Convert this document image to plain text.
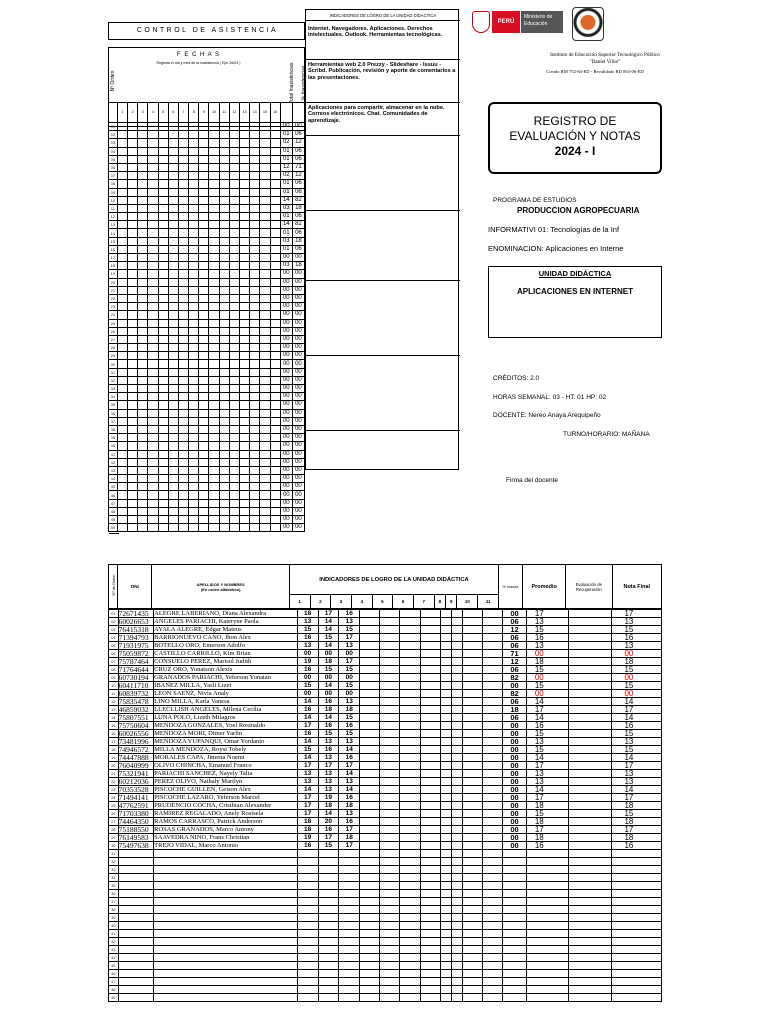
CONTROL DE ASISTENCIA
Nº Orden
F E C H A S
Registra el día y mes de la inasistencia ( Ejm 26/03 )	Total Inasistencias % Inasistencias
	1	2	3	4	5	6	7	8	9	10	11	12	13	14	15	16		
01																	00	00
02						·											01	06
03								·		·							02	12
04									·								01	06
05										·							01	06
06							·										12	71
07		·	·	·	·	·	·	·	·	·	·	·	·				02	12
08			·						·								01	06
09													·				01	06
10												·					14	82
11		·	·	·	·	·	·	·	·	·	·	·	·				03	18
12						·	·	·									01	06
13															·		14	82
14		·	·	·	·	·	·	·	·	·	·	·	·				01	06
15						·											03	18
16						·	·	·									01	06
17														·			00	00
18																	03	18
19										·	·	·					00	00
20																	00	00
21																	00	00
22																	00	00
23																	00	00
24																	00	00
25																	00	00
26																	00	00
27																	00	00
28																	00	00
29																	00	00
30																	00	00
31																	00	00
32																	00	00
33																	00	00
34																	00	00
35																	00	00
36																	00	00
37																	00	00
38																	00	00
39																	00	00
40																	00	00
41																	00	00
42																	00	00
43																	00	00
44																	00	00
45																	00	00
46																	00	00
47																	00	00
48																	00	00
49																	00	00
50																	00	00
INDICADORES DE LOGRO DE LA UNIDAD DIDÁCTICA
Internet. Navegadores. Aplicaciones. Derechos intelectuales. Outlook. Herramientas tecnológicas.
Herramientas web 2.0 Prezzy - Slideshare - Issuu - Scribd. Publicación, revisión y aporte de comentarios a las presentaciones.
Aplicaciones para compartir, almacenar en la nube. Correos electrónicos. Chat. Comunidades de aprendizaje.
PERÚ
Ministerio de Educación
Instituto de Educación Superior Tecnológico Público
"Daniel Villar"
Creado RM 752-84-ED - Revalidado RD 063-06-ED
REGISTRO DE
EVALUACIÓN Y NOTAS
2024 - I
PROGRAMA DE ESTUDIOS
PRODUCCION AGROPECUARIA
INFORMATIVI 01: Tecnologías de la Inf
ENOMINACION: Aplicaciones en Interne
UNIDAD DIDÁCTICA
APLICACIONES EN INTERNET
CRÉDITOS: 2.0
HORAS SEMANAL: 03 - HT: 01 HP: 02
DOCENTE: Nereo Anaya Arequipeño
TURNO/HORARIO: MAÑANA
Firma del docente
Nº de Orden	DNI	APELLIDOS Y NOMBRES
(En orden alfabético)	INDICADORES DE LOGRO DE LA UNIDAD DIDÁCTICA											% Inasist.	Promedio	Evaluación de Recuperación	Nota Final
			1	2	3	4	5	6	7	8	9	10	11				
01	72671435	ALEGRE LABERIANO, Diana Alexandra	18	17	16									00	17		17
02	60026653	ANGELES PARIACHI, Kateryne Paola	13	14	13									06	13		13
03	76415318	AYALA ALEGRE, Edgar Mateus	15	14	15									12	15		15
04	71394793	BARRIONUEVO CANO, Jhon Alex	16	15	17									06	16		16
05	71931975	BOTELLO ORO, Emerson Adolfo	13	14	13									06	13		13
06	75059872	CASTILLO CARRILLO, Kim Brian	00	00	00									71	00		00
07	75787464	CONSUELO PEREZ, Marisol Judith	19	18	17									12	18		18
08	71764644	CRUZ ORO, Yonatson Alexis	16	15	15									06	15		15
09	60730194	GRANADOS PARIACHI, Yeferson Yonatan	00	00	00									82	00		00
10	60411710	IBAÑEZ MILLA, Yasli Lizet	15	14	15									00	15		15
11	60839732	LEON SAENZ, Nivia Analy	00	00	00									82	00		00
12	75835478	LINO MILLA, Karla Vanesa	14	16	13									06	14		14
13	46859032	LLECLLISH ANGELES, Milena Cecilia	16	18	18									18	17		17
14	75807551	LUNA POLO, Lizeth Milagros	14	14	15									06	14		14
15	75750604	MENDOZA GONZALES, Yoel Rosinaldo	17	16	16									00	16		16
16	60026556	MENDOZA MORI, Dimer Yarlin	16	15	15									00	15		15
17	73481996	MENDOZA YUPANQUI, Omar Yordanio	14	13	13									00	13		13
18	74946572	MILLA MENDOZA, Roysi Tobely	15	16	14									00	15		15
19	74447888	MORALES CAPA, Jimena Noemi	14	13	16									00	14		14
20	76040999	OLIVO CHINCHA, Emanuel Franco	17	17	17									00	17		17
21	75321941	PARIACHI SANCHEZ, Nayely Talia	13	13	14									00	13		13
22	60212036	PEREZ OLIVO, Nathaly Marilyn	13	13	13									00	13		13
23	70353528	PISCOCHE GUILLEN, Geison Alex	14	13	14									00	14		14
24	71494141	PISCOCHE LAZARO, Yeferson Marcel	17	19	16									00	17		17
25	47762591	PRUDENCIO COCHA, Cristhian Alexander	17	18	18									00	18		18
26	71703380	RAMIREZ REGALADO, Anely Rosisela	17	14	13									00	15		15
27	74464350	RAMOS CARRASCO, Patrick Anderson	18	20	16									00	18		18
28	75188550	ROSAS GRANADOS, Marco Antony	18	16	17									00	17		17
29	76149583	SAAVEDRA NINO, Frans Christian	19	17	18									00	18		18
30	75497638	TREJO VIDAL, Marco Antonio	16	15	17									00	16		16
31																	
32																	
33																	
34																	
35																	
36																	
37																	
38																	
39																	
40																	
41																	
42																	
43																	
44																	
45																	
46																	
47																	
48																	
49																	
